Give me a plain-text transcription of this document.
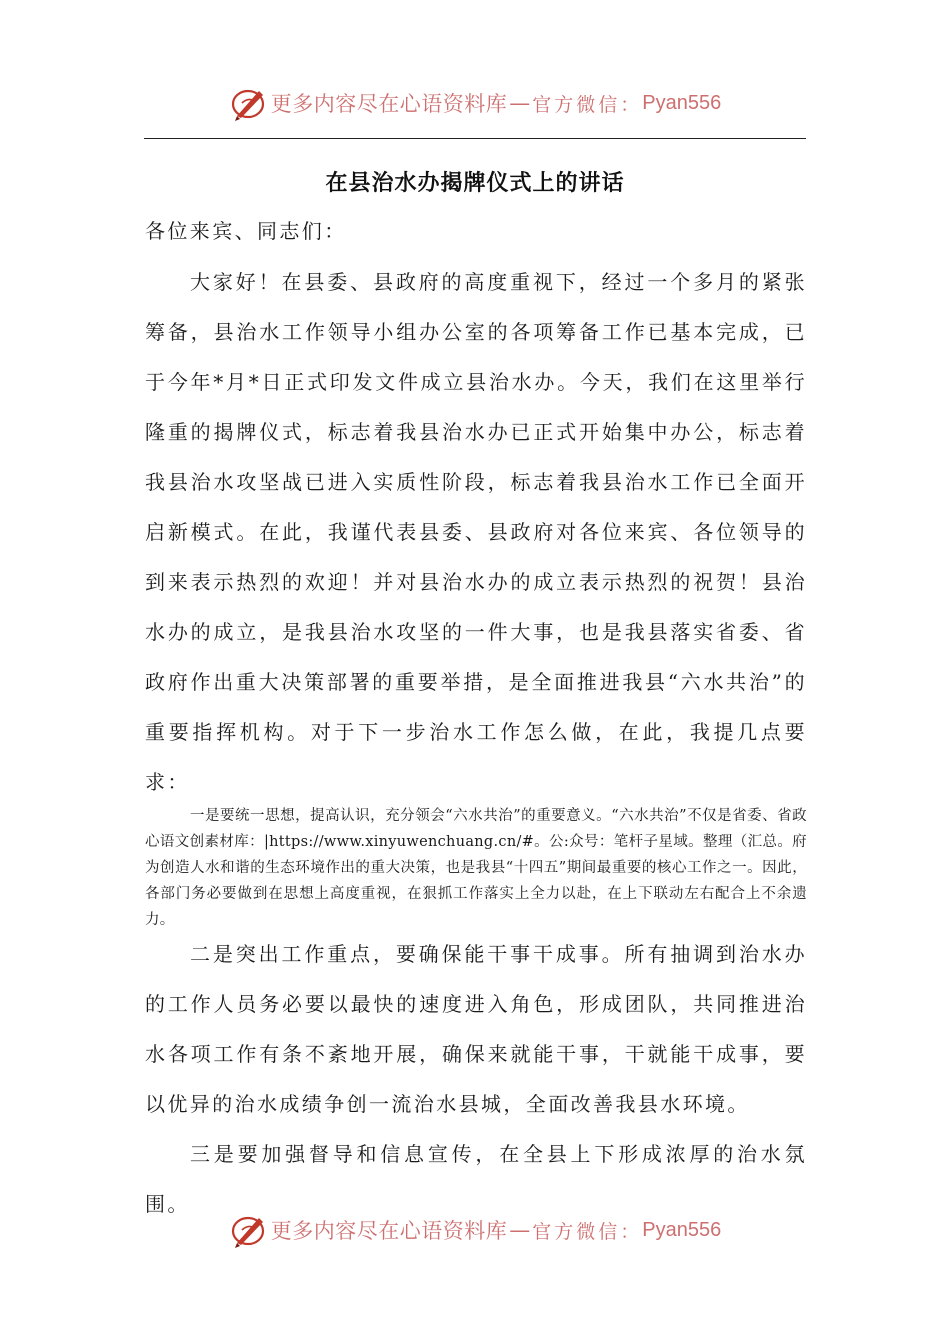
更多内容尽在心语资料库 — 官方微信： Pyan556
在县治水办揭牌仪式上的讲话
各位来宾、同志们：
大家好！在县委、县政府的高度重视下，经过一个多月的紧张筹备，县治水工作领导小组办公室的各项筹备工作已基本完成，已于今年*月*日正式印发文件成立县治水办。今天，我们在这里举行隆重的揭牌仪式，标志着我县治水办已正式开始集中办公，标志着我县治水攻坚战已进入实质性阶段，标志着我县治水工作已全面开启新模式。在此，我谨代表县委、县政府对各位来宾、各位领导的到来表示热烈的欢迎！并对县治水办的成立表示热烈的祝贺！县治水办的成立，是我县治水攻坚的一件大事，也是我县落实省委、省政府作出重大决策部署的重要举措，是全面推进我县“六水共治”的重要指挥机构。对于下一步治水工作怎么做，在此，我提几点要求：
一是要统一思想，提高认识，充分领会“六水共治”的重要意义。“六水共治”不仅是省委、省政心语文创素材库：|https://www.xinyuwenchuang.cn/#。公:众号：笔杆子星域。整理（汇总。府为创造人水和谐的生态环境作出的重大决策，也是我县“十四五”期间最重要的核心工作之一。因此，各部门务必要做到在思想上高度重视，在狠抓工作落实上全力以赴，在上下联动左右配合上不余遗力。
二是突出工作重点，要确保能干事干成事。所有抽调到治水办的工作人员务必要以最快的速度进入角色，形成团队，共同推进治水各项工作有条不紊地开展，确保来就能干事，干就能干成事，要以优异的治水成绩争创一流治水县城，全面改善我县水环境。
三是要加强督导和信息宣传，在全县上下形成浓厚的治水氛围。
更多内容尽在心语资料库 — 官方微信： Pyan556
